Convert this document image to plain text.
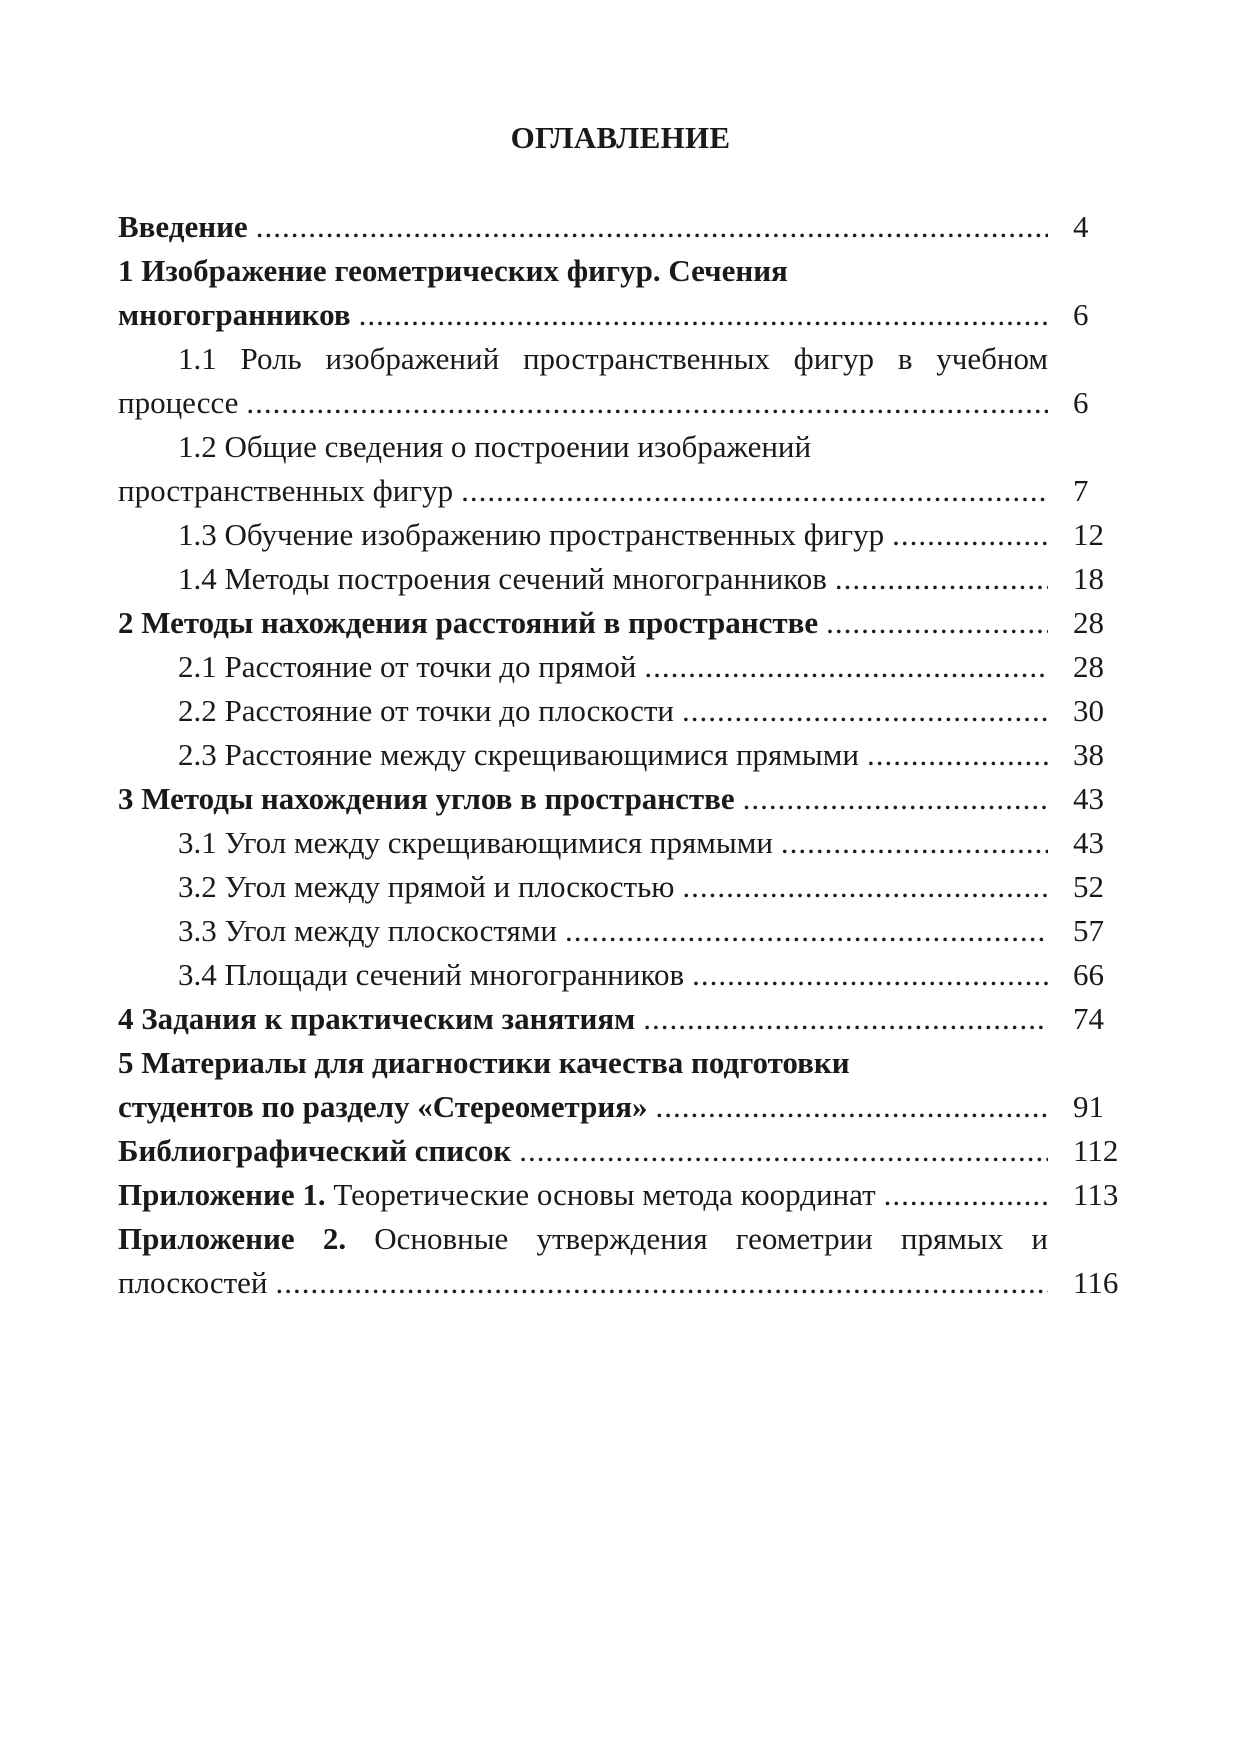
ОГЛАВЛЕНИЕ
Введение .....	4
1 Изображение геометрических фигур. Сечения
многогранников .....	6
1.1 Роль изображений пространственных фигур в учебном
процессе .....	6
1.2 Общие сведения о построении изображений
пространственных фигур .....	7
1.3 Обучение изображению пространственных фигур .....	12
1.4 Методы построения сечений многогранников .....	18
2 Методы нахождения расстояний в пространстве .....	28
2.1 Расстояние от точки до прямой .....	28
2.2 Расстояние от точки до плоскости .....	30
2.3 Расстояние между скрещивающимися прямыми .....	38
3 Методы нахождения углов в пространстве .....	43
3.1 Угол между скрещивающимися прямыми .....	43
3.2 Угол между прямой и плоскостью .....	52
3.3 Угол между плоскостями .....	57
3.4 Площади сечений многогранников .....	66
4 Задания к практическим занятиям .....	74
5 Материалы для диагностики качества подготовки
студентов по разделу «Стереометрия» .....	91
Библиографический список .....	112
Приложение 1. Теоретические основы метода координат .....	113
Приложение 2. Основные утверждения геометрии прямых и
плоскостей .....	116
